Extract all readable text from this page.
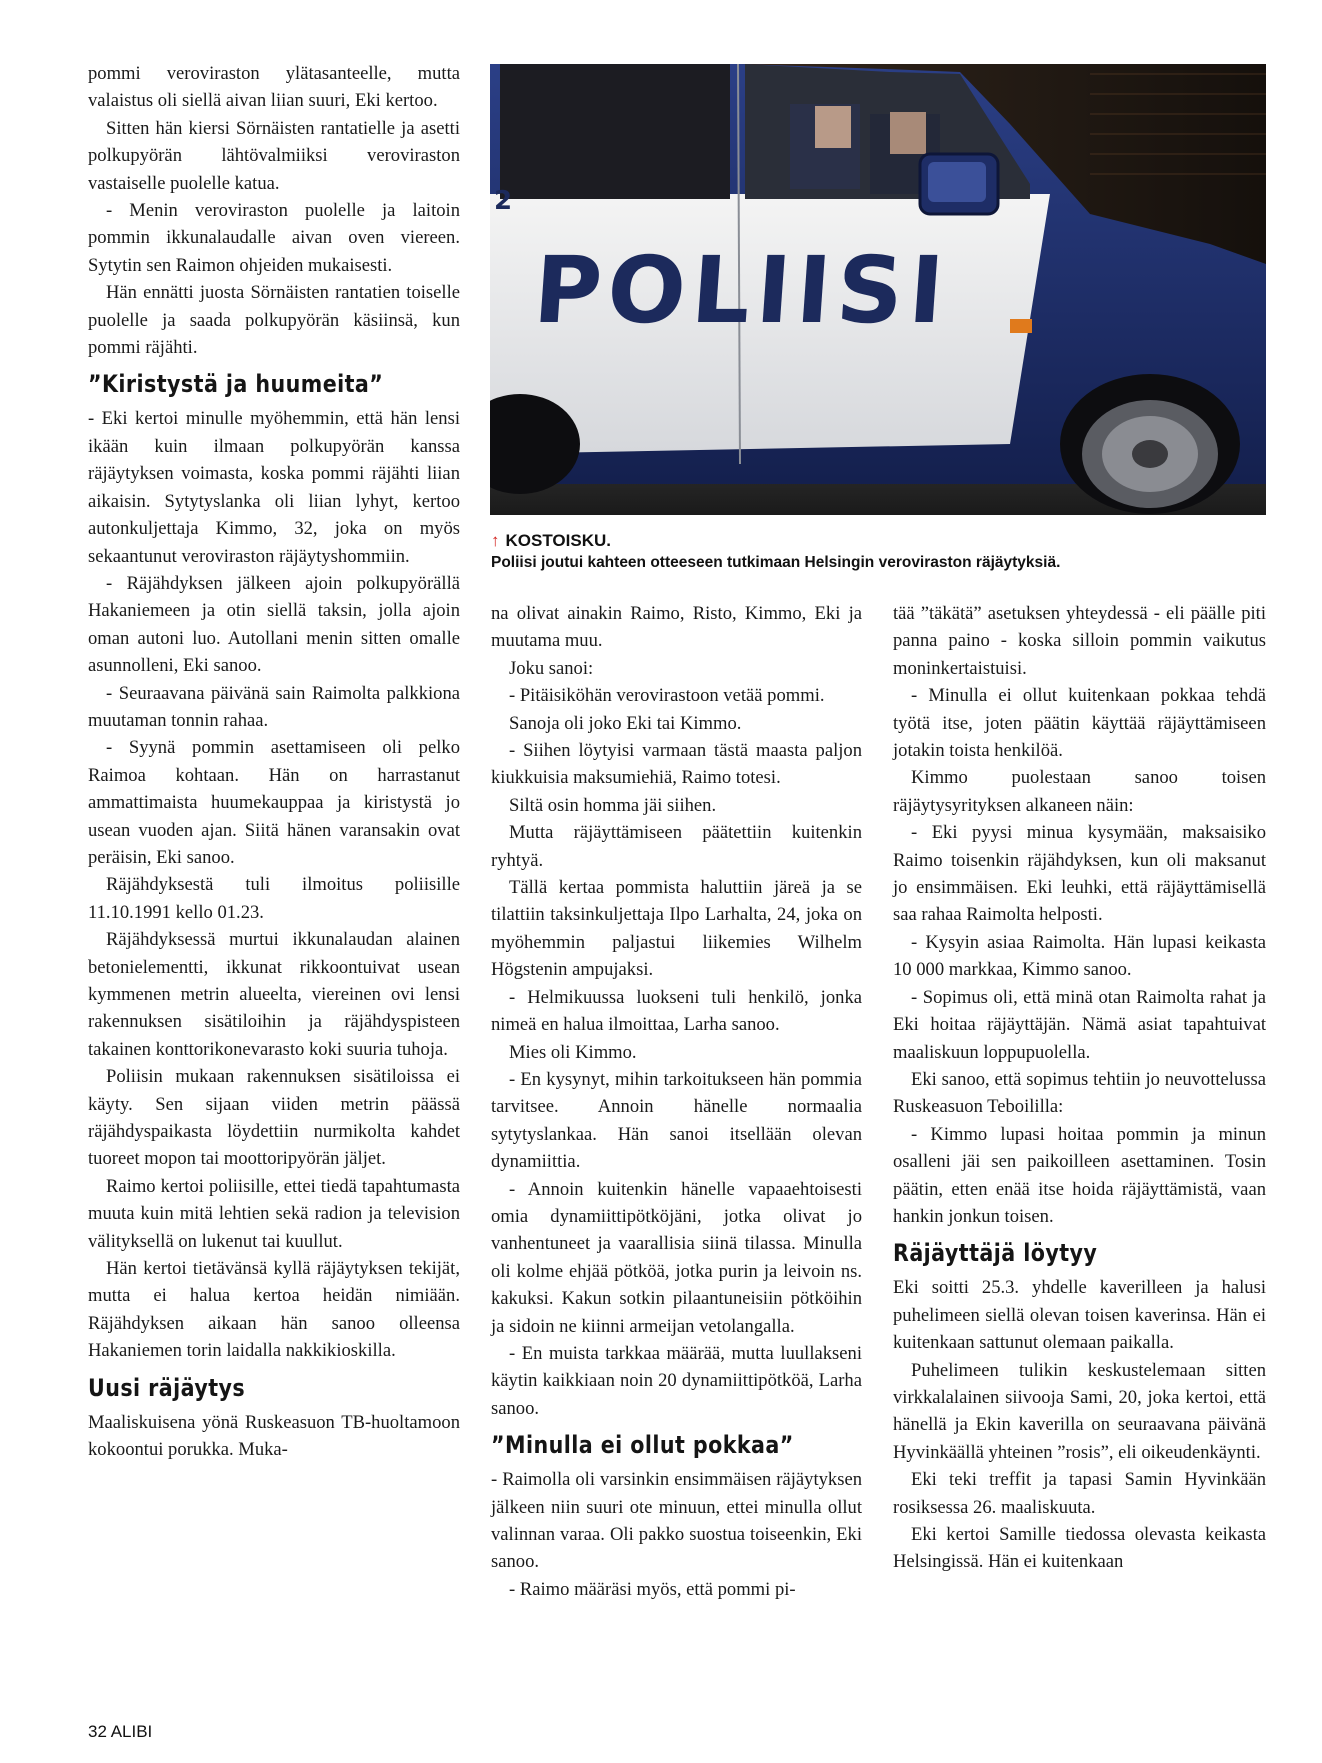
pommi veroviraston ylätasanteelle, mutta valaistus oli siellä aivan liian suuri, Eki kertoo.

Sitten hän kiersi Sörnäisten rantatielle ja asetti polkupyörän lähtövalmiiksi veroviraston vastaiselle puolelle katua.

- Menin veroviraston puolelle ja laitoin pommin ikkunalaudalle aivan oven viereen. Sytytin sen Raimon ohjeiden mukaisesti.

Hän ennätti juosta Sörnäisten rantatien toiselle puolelle ja saada polkupyörän käsiinsä, kun pommi räjähti.

”Kiristystä ja huumeita”

- Eki kertoi minulle myöhemmin, että hän lensi ikään kuin ilmaan polkupyörän kanssa räjäytyksen voimasta, koska pommi räjähti liian aikaisin. Sytytyslanka oli liian lyhyt, kertoo autonkuljettaja Kimmo, 32, joka on myös sekaantunut veroviraston räjäytyshommiin.

- Räjähdyksen jälkeen ajoin polkupyörällä Hakaniemeen ja otin siellä taksin, jolla ajoin oman autoni luo. Autollani menin sitten omalle asunnolleni, Eki sanoo.

- Seuraavana päivänä sain Raimolta palkkiona muutaman tonnin rahaa.

- Syynä pommin asettamiseen oli pelko Raimoa kohtaan. Hän on harrastanut ammattimaista huumekauppaa ja kiristystä jo usean vuoden ajan. Siitä hänen varansakin ovat peräisin, Eki sanoo.

Räjähdyksestä tuli ilmoitus poliisille 11.10.1991 kello 01.23.

Räjähdyksessä murtui ikkunalaudan alainen betonielementti, ikkunat rikkoontuivat usean kymmenen metrin alueelta, viereinen ovi lensi rakennuksen sisätiloihin ja räjähdyspisteen takainen konttorikonevarasto koki suuria tuhoja.

Poliisin mukaan rakennuksen sisätiloissa ei käyty. Sen sijaan viiden metrin päässä räjähdyspaikasta löydettiin nurmikolta kahdet tuoreet mopon tai moottoripyörän jäljet.

Raimo kertoi poliisille, ettei tiedä tapahtumasta muuta kuin mitä lehtien sekä radion ja television välityksellä on lukenut tai kuullut.

Hän kertoi tietävänsä kyllä räjäytyksen tekijät, mutta ei halua kertoa heidän nimiään. Räjähdyksen aikaan hän sanoo olleensa Hakaniemen torin laidalla nakkikioskilla.

Uusi räjäytys

Maaliskuisena yönä Ruskeasuon TB-huoltamoon kokoontui porukka. Muka-

2
POLIISI
↑ KOSTOISKU.
Poliisi joutui kahteen otteeseen tutkimaan Helsingin veroviraston räjäytyksiä.

na olivat ainakin Raimo, Risto, Kimmo, Eki ja muutama muu.

Joku sanoi:

- Pitäisiköhän verovirastoon vetää pommi.

Sanoja oli joko Eki tai Kimmo.

- Siihen löytyisi varmaan tästä maasta paljon kiukkuisia maksumiehiä, Raimo totesi.

Siltä osin homma jäi siihen.

Mutta räjäyttämiseen päätettiin kuitenkin ryhtyä.

Tällä kertaa pommista haluttiin järeä ja se tilattiin taksinkuljettaja Ilpo Larhalta, 24, joka on myöhemmin paljastui liikemies Wilhelm Högstenin ampujaksi.

- Helmikuussa luokseni tuli henkilö, jonka nimeä en halua ilmoittaa, Larha sanoo.

Mies oli Kimmo.

- En kysynyt, mihin tarkoitukseen hän pommia tarvitsee. Annoin hänelle normaalia sytytyslankaa. Hän sanoi itsellään olevan dynamiittia.

- Annoin kuitenkin hänelle vapaaehtoisesti omia dynamiittipötköjäni, jotka olivat jo vanhentuneet ja vaarallisia siinä tilassa. Minulla oli kolme ehjää pötköä, jotka purin ja leivoin ns. kakuksi. Kakun sotkin pilaantuneisiin pötköihin ja sidoin ne kiinni armeijan vetolangalla.

- En muista tarkkaa määrää, mutta luullakseni käytin kaikkiaan noin 20 dynamiittipötköä, Larha sanoo.

”Minulla ei ollut pokkaa”

- Raimolla oli varsinkin ensimmäisen räjäytyksen jälkeen niin suuri ote minuun, ettei minulla ollut valinnan varaa. Oli pakko suostua toiseenkin, Eki sanoo.

- Raimo määräsi myös, että pommi pi-

tää ”täkätä” asetuksen yhteydessä - eli päälle piti panna paino - koska silloin pommin vaikutus moninkertaistuisi.

- Minulla ei ollut kuitenkaan pokkaa tehdä työtä itse, joten päätin käyttää räjäyttämiseen jotakin toista henkilöä.

Kimmo puolestaan sanoo toisen räjäytysyrityksen alkaneen näin:

- Eki pyysi minua kysymään, maksaisiko Raimo toisenkin räjähdyksen, kun oli maksanut jo ensimmäisen. Eki leuhki, että räjäyttämisellä saa rahaa Raimolta helposti.

- Kysyin asiaa Raimolta. Hän lupasi keikasta 10 000 markkaa, Kimmo sanoo.

- Sopimus oli, että minä otan Raimolta rahat ja Eki hoitaa räjäyttäjän. Nämä asiat tapahtuivat maaliskuun loppupuolella.

Eki sanoo, että sopimus tehtiin jo neuvottelussa Ruskeasuon Teboililla:

- Kimmo lupasi hoitaa pommin ja minun osalleni jäi sen paikoilleen asettaminen. Tosin päätin, etten enää itse hoida räjäyttämistä, vaan hankin jonkun toisen.

Räjäyttäjä löytyy

Eki soitti 25.3. yhdelle kaverilleen ja halusi puhelimeen siellä olevan toisen kaverinsa. Hän ei kuitenkaan sattunut olemaan paikalla.

Puhelimeen tulikin keskustelemaan sitten virkkalalainen siivooja Sami, 20, joka kertoi, että hänellä ja Ekin kaverilla on seuraavana päivänä Hyvinkäällä yhteinen ”rosis”, eli oikeudenkäynti.

Eki teki treffit ja tapasi Samin Hyvinkään rosiksessa 26. maaliskuuta.

Eki kertoi Samille tiedossa olevasta keikasta Helsingissä. Hän ei kuitenkaan

32 ALIBI
